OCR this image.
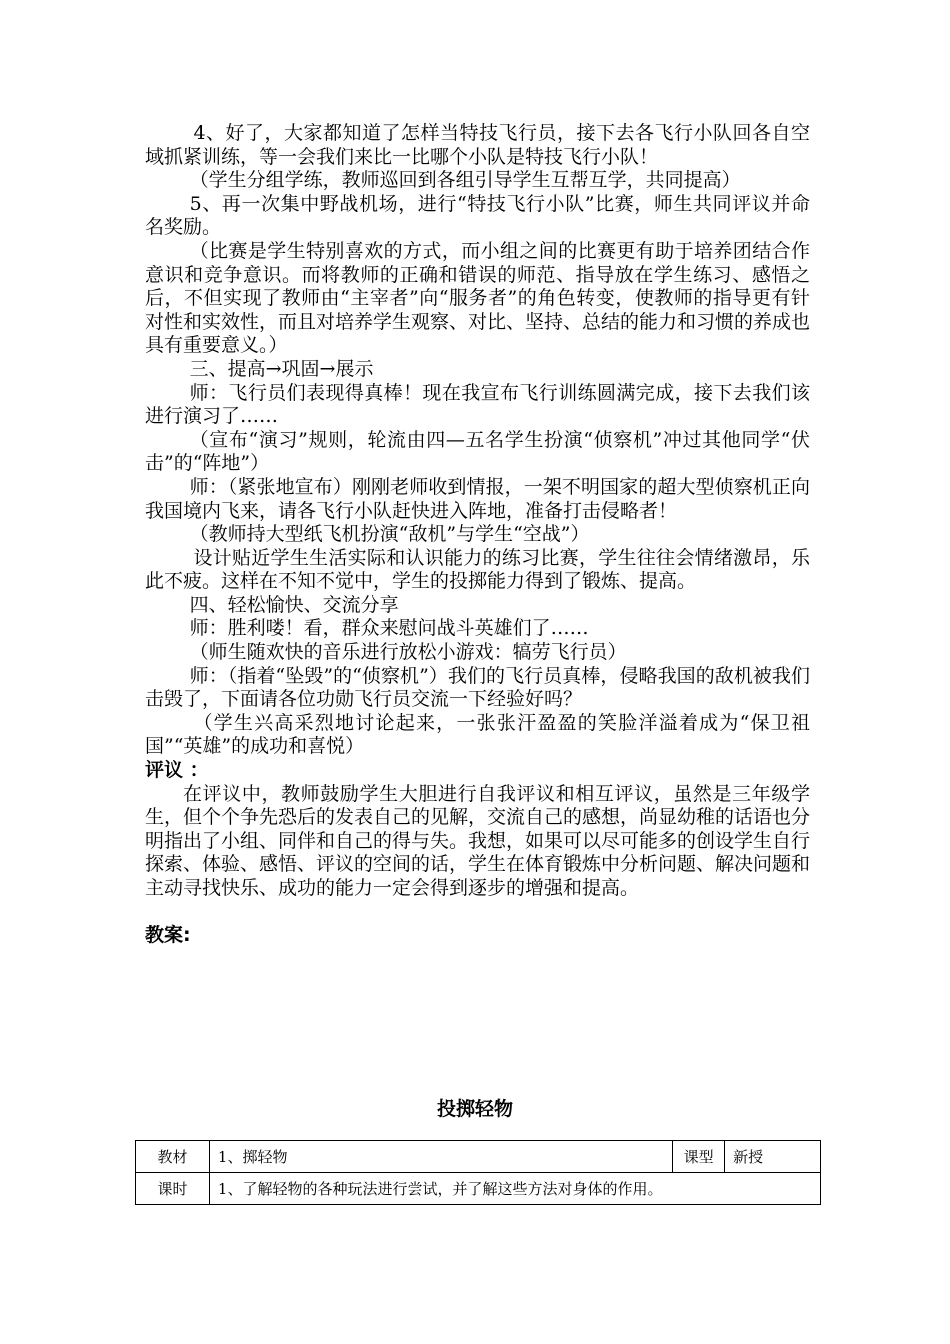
4、好了，大家都知道了怎样当特技飞行员，接下去各飞行小队回各自空域抓紧训练，等一会我们来比一比哪个小队是特技飞行小队！

（学生分组学练，教师巡回到各组引导学生互帮互学，共同提高）

5、再一次集中野战机场，进行“特技飞行小队”比赛，师生共同评议并命名奖励。

（比赛是学生特别喜欢的方式，而小组之间的比赛更有助于培养团结合作意识和竞争意识。而将教师的正确和错误的师范、指导放在学生练习、感悟之后，不但实现了教师由“主宰者”向“服务者”的角色转变，使教师的指导更有针对性和实效性，而且对培养学生观察、对比、坚持、总结的能力和习惯的养成也具有重要意义。）

三、提高→巩固→展示

师：飞行员们表现得真棒！现在我宣布飞行训练圆满完成，接下去我们该进行演习了……

（宣布“演习”规则，轮流由四—五名学生扮演“侦察机”冲过其他同学“伏击”的“阵地”）

师：（紧张地宣布）刚刚老师收到情报，一架不明国家的超大型侦察机正向我国境内飞来，请各飞行小队赶快进入阵地，准备打击侵略者！

（教师持大型纸飞机扮演“敌机”与学生“空战”）

设计贴近学生生活实际和认识能力的练习比赛，学生往往会情绪激昂，乐此不疲。这样在不知不觉中，学生的投掷能力得到了锻炼、提高。

四、轻松愉快、交流分享

师：胜利喽！看，群众来慰问战斗英雄们了……

（师生随欢快的音乐进行放松小游戏：犒劳飞行员）

师：（指着“坠毁”的“侦察机”）我们的飞行员真棒，侵略我国的敌机被我们击毁了，下面请各位功勋飞行员交流一下经验好吗？

（学生兴高采烈地讨论起来，一张张汗盈盈的笑脸洋溢着成为“保卫祖国”“英雄”的成功和喜悦）

评议 ：

在评议中，教师鼓励学生大胆进行自我评议和相互评议，虽然是三年级学生，但个个争先恐后的发表自己的见解，交流自己的感想，尚显幼稚的话语也分明指出了小组、同伴和自己的得与失。我想，如果可以尽可能多的创设学生自行探索、体验、感悟、评议的空间的话，学生在体育锻炼中分析问题、解决问题和主动寻找快乐、成功的能力一定会得到逐步的增强和提高。

教案:

投掷轻物
教材	1、掷轻物	课型	新授
课时	1、了解轻物的各种玩法进行尝试，并了解这些方法对身体的作用。		
